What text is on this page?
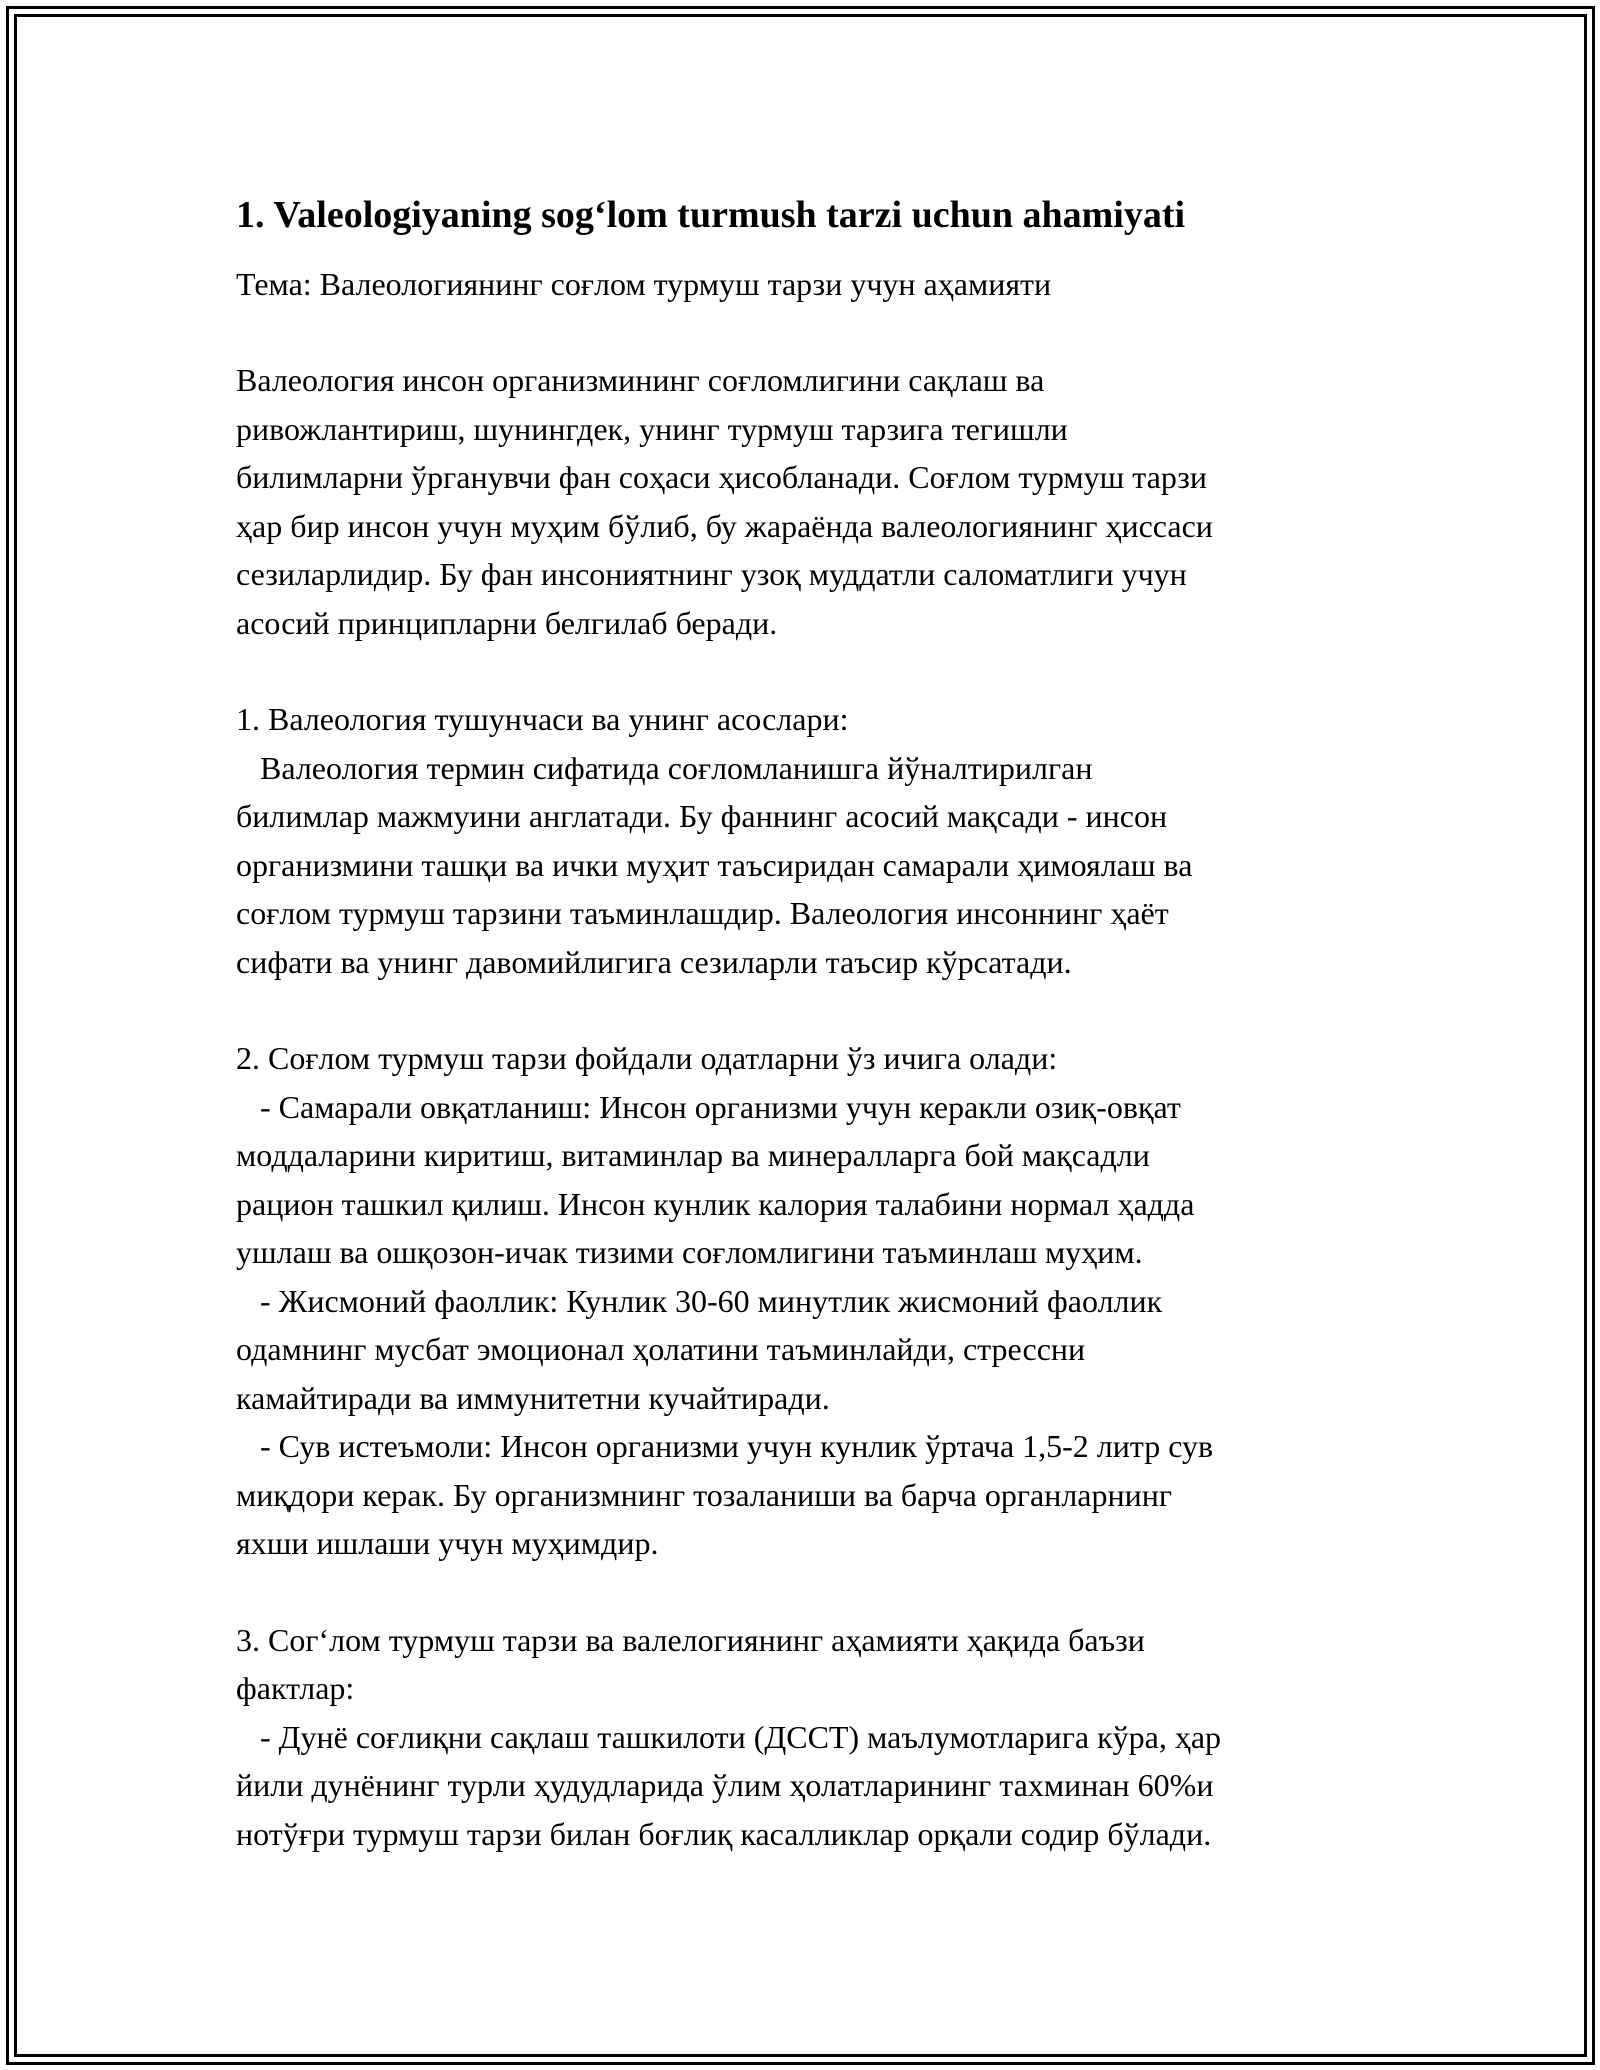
1. Valeologiyaning sog‘lom turmush tarzi uchun ahamiyati

Тема: Валеологиянинг соғлом турмуш тарзи учун аҳамияти

Валеология инсон организмининг соғломлигини сақлаш ва
ривожлантириш, шунингдек, унинг турмуш тарзига тегишли
билимларни ўрганувчи фан соҳаси ҳисобланади. Соғлом турмуш тарзи
ҳар бир инсон учун муҳим бўлиб, бу жараёнда валеологиянинг ҳиссаси
сезиларлидир. Бу фан инсониятнинг узоқ муддатли саломатлиги учун
асосий принципларни белгилаб беради.

1. Валеология тушунчаси ва унинг асослари:
Валеология термин сифатида соғломланишга йўналтирилган
билимлар мажмуини англатади. Бу фаннинг асосий мақсади - инсон
организмини ташқи ва ички муҳит таъсиридан самарали ҳимоялаш ва
соғлом турмуш тарзини таъминлашдир. Валеология инсоннинг ҳаёт
сифати ва унинг давомийлигига сезиларли таъсир кўрсатади.

2. Соғлом турмуш тарзи фойдали одатларни ўз ичига олади:
- Самарали овқатланиш: Инсон организми учун керакли озиқ-овқат
моддаларини киритиш, витаминлар ва минералларга бой мақсадли
рацион ташкил қилиш. Инсон кунлик калория талабини нормал ҳадда
ушлаш ва ошқозон-ичак тизими соғломлигини таъминлаш муҳим.
- Жисмоний фаоллик: Кунлик 30-60 минутлик жисмоний фаоллик
одамнинг мусбат эмоционал ҳолатини таъминлайди, стрессни
камайтиради ва иммунитетни кучайтиради.
- Сув истеъмоли: Инсон организми учун кунлик ўртача 1,5-2 литр сув
миқдори керак. Бу организмнинг тозаланиши ва барча органларнинг
яхши ишлаши учун муҳимдир.

3. Сог‘лом турмуш тарзи ва валелогиянинг аҳамияти ҳақида баъзи
фактлар:
- Дунё соғлиқни сақлаш ташкилоти (ДССТ) маълумотларига кўра, ҳар
йили дунёнинг турли ҳудудларида ўлим ҳолатларининг тахминан 60%и
нотўғри турмуш тарзи билан боғлиқ касалликлар орқали содир бўлади.
